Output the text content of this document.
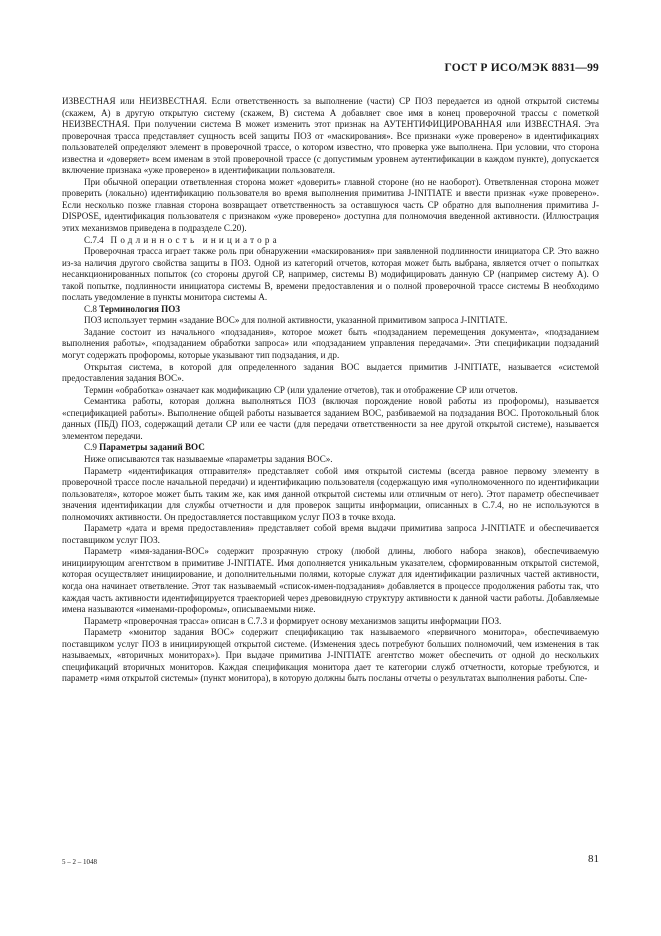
ГОСТ Р ИСО/МЭК 8831—99

ИЗВЕСТНАЯ или НЕИЗВЕСТНАЯ. Если ответственность за выполнение (части) СР ПОЗ передается из одной открытой системы (скажем, А) в другую открытую систему (скажем, В) система А добавляет свое имя в конец проверочной трассы с пометкой НЕИЗВЕСТНАЯ. При получении система В может изменить этот признак на АУТЕНТИФИЦИРОВАННАЯ или ИЗВЕСТНАЯ. Эта проверочная трасса представляет сущность всей защиты ПОЗ от «маскирования». Все признаки «уже проверено» в идентификациях пользователей определяют элемент в проверочной трассе, о котором известно, что проверка уже выполнена. При условии, что сторона известна и «доверяет» всем именам в этой проверочной трассе (с допустимым уровнем аутентификации в каждом пункте), допускается включение признака «уже проверено» в идентификации пользователя.

При обычной операции ответвленная сторона может «доверить» главной стороне (но не наоборот). Ответвленная сторона может проверить (локально) идентификацию пользователя во время выполнения примитива J-INITIATE и ввести признак «уже проверено». Если несколько позже главная сторона возвращает ответственность за оставшуюся часть СР обратно для выполнения примитива J-DISPOSE, идентификация пользователя с признаком «уже проверено» доступна для полномочия введенной активности. (Иллюстрация этих механизмов приведена в подразделе С.20).

С.7.4 Подлинность инициатора

Проверочная трасса играет также роль при обнаружении «маскирования» при заявленной подлинности инициатора СР. Это важно из-за наличия другого свойства защиты в ПОЗ. Одной из категорий отчетов, которая может быть выбрана, является отчет о попытках несанкционированных попыток (со стороны другой СР, например, системы В) модифицировать данную СР (например систему А). О такой попытке, подлинности инициатора системы В, времени предоставления и о полной проверочной трассе системы В необходимо послать уведомление в пункты монитора системы А.

С.8 Терминология ПОЗ

ПОЗ использует термин «задание ВОС» для полной активности, указанной примитивом запроса J-INITIATE.

Задание состоит из начального «подзадания», которое может быть «подзаданием перемещения документа», «подзаданием выполнения работы», «подзаданием обработки запроса» или «подзаданием управления передачами». Эти спецификации подзаданий могут содержать профоромы, которые указывают тип подзадания, и др.

Открытая система, в которой для определенного задания ВОС выдается примитив J-INITIATE, называется «системой предоставления задания ВОС».

Термин «обработка» означает как модификацию СР (или удаление отчетов), так и отображение СР или отчетов.

Семантика работы, которая должна выполняться ПОЗ (включая порождение новой работы из профоромы), называется «спецификацией работы». Выполнение общей работы называется заданием ВОС, разбиваемой на подзадания ВОС. Протокольный блок данных (ПБД) ПОЗ, содержащий детали СР или ее части (для передачи ответственности за нее другой открытой системе), называется элементом передачи.

С.9 Параметры заданий ВОС

Ниже описываются так называемые «параметры задания ВОС».

Параметр «идентификация отправителя» представляет собой имя открытой системы (всегда равное первому элементу в проверочной трассе после начальной передачи) и идентификацию пользователя (содержащую имя «уполномоченного по идентификации пользователя», которое может быть таким же, как имя данной открытой системы или отличным от него). Этот параметр обеспечивает значения идентификации для службы отчетности и для проверок защиты информации, описанных в С.7.4, но не используются в полномочиях активности. Он предоставляется поставщиком услуг ПОЗ в точке входа.

Параметр «дата и время предоставления» представляет собой время выдачи примитива запроса J-INITIATE и обеспечивается поставщиком услуг ПОЗ.

Параметр «имя-задания-ВОС» содержит прозрачную строку (любой длины, любого набора знаков), обеспечиваемую инициирующим агентством в примитиве J-INITIATE. Имя дополняется уникальным указателем, сформированным открытой системой, которая осуществляет инициирование, и дополнительными полями, которые служат для идентификации различных частей активности, когда она начинает ответвление. Этот так называемый «список-имен-подзадания» добавляется в процессе продолжения работы так, что каждая часть активности идентифицируется траекторией через древовидную структуру активности к данной части работы. Добавляемые имена называются «именами-профоромы», описываемыми ниже.

Параметр «проверочная трасса» описан в С.7.3 и формирует основу механизмов защиты информации ПОЗ.

Параметр «монитор задания ВОС» содержит спецификацию так называемого «первичного монитора», обеспечиваемую поставщиком услуг ПОЗ в инициирующей открытой системе. (Изменения здесь потребуют больших полномочий, чем изменения в так называемых, «вторичных мониторах»). При выдаче примитива J-INITIATE агентство может обеспечить от одной до нескольких спецификаций вторичных мониторов. Каждая спецификация монитора дает те категории служб отчетности, которые требуются, и параметр «имя открытой системы» (пункт монитора), в которую должны быть посланы отчеты о результатах выполнения работы. Спе-

5 – 2 – 1048	81
